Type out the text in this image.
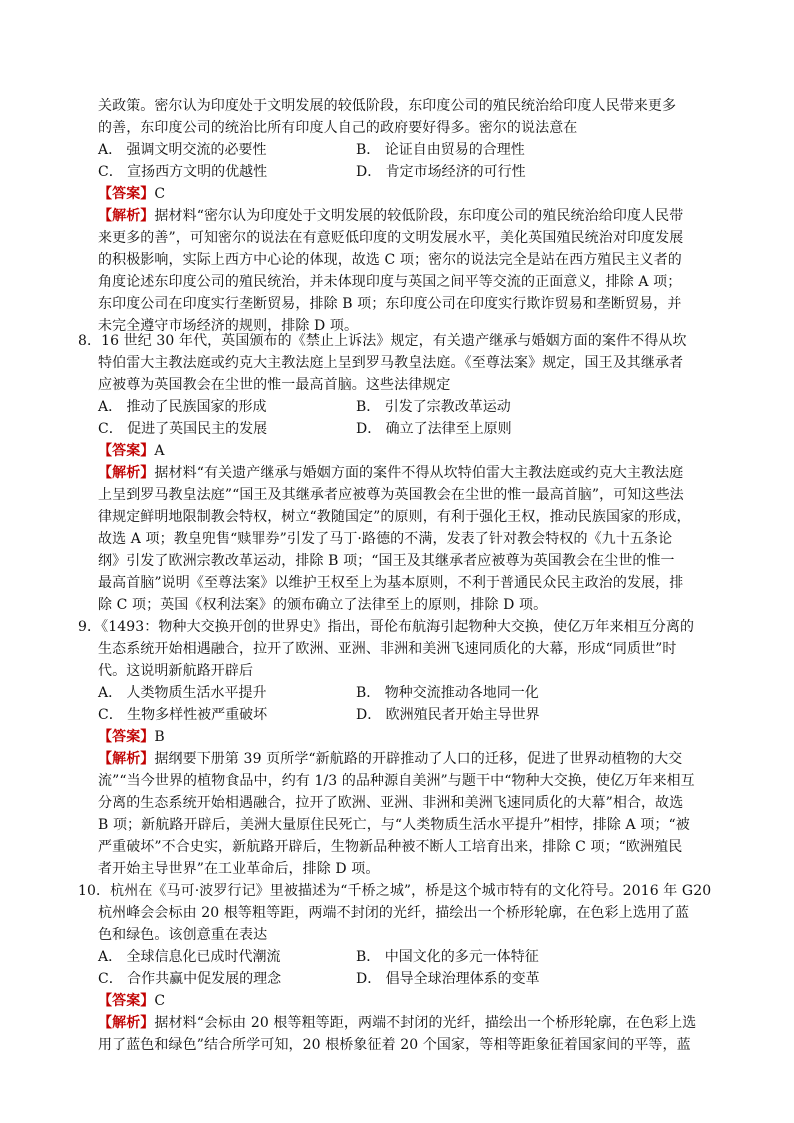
关政策。密尔认为印度处于文明发展的较低阶段，东印度公司的殖民统治给印度人民带来更多
的善，东印度公司的统治比所有印度人自己的政府要好得多。密尔的说法意在
A． 强调文明交流的必要性	B． 论证自由贸易的合理性
C． 宣扬西方文明的优越性	D． 肯定市场经济的可行性
【答案】C
【解析】据材料“密尔认为印度处于文明发展的较低阶段，东印度公司的殖民统治给印度人民带
来更多的善”，可知密尔的说法在有意贬低印度的文明发展水平，美化英国殖民统治对印度发展
的积极影响，实际上西方中心论的体现，故选 C 项；密尔的说法完全是站在西方殖民主义者的
角度论述东印度公司的殖民统治，并未体现印度与英国之间平等交流的正面意义，排除 A 项；
东印度公司在印度实行垄断贸易，排除 B 项；东印度公司在印度实行欺诈贸易和垄断贸易，并
未完全遵守市场经济的规则，排除 D 项。
8．16 世纪 30 年代，英国颁布的《禁止上诉法》规定，有关遗产继承与婚姻方面的案件不得从坎
特伯雷大主教法庭或约克大主教法庭上呈到罗马教皇法庭。《至尊法案》规定，国王及其继承者
应被尊为英国教会在尘世的惟一最高首脑。这些法律规定
A． 推动了民族国家的形成	B． 引发了宗教改革运动
C． 促进了英国民主的发展	D． 确立了法律至上原则
【答案】A
【解析】据材料“有关遗产继承与婚姻方面的案件不得从坎特伯雷大主教法庭或约克大主教法庭
上呈到罗马教皇法庭”“国王及其继承者应被尊为英国教会在尘世的惟一最高首脑”，可知这些法
律规定鲜明地限制教会特权，树立“教随国定”的原则，有利于强化王权，推动民族国家的形成，
故选 A 项；教皇兜售“赎罪券”引发了马丁·路德的不满，发表了针对教会特权的《九十五条论
纲》引发了欧洲宗教改革运动，排除 B 项；“国王及其继承者应被尊为英国教会在尘世的惟一
最高首脑”说明《至尊法案》以维护王权至上为基本原则，不利于普通民众民主政治的发展，排
除 C 项；英国《权利法案》的颁布确立了法律至上的原则，排除 D 项。
9．《1493：物种大交换开创的世界史》指出，哥伦布航海引起物种大交换，使亿万年来相互分离的
生态系统开始相遇融合，拉开了欧洲、亚洲、非洲和美洲飞速同质化的大幕，形成“同质世”时
代。这说明新航路开辟后
A． 人类物质生活水平提升	B． 物种交流推动各地同一化
C． 生物多样性被严重破坏	D． 欧洲殖民者开始主导世界
【答案】B
【解析】据纲要下册第 39 页所学“新航路的开辟推动了人口的迁移，促进了世界动植物的大交
流”“当今世界的植物食品中，约有 1/3 的品种源自美洲”与题干中“物种大交换，使亿万年来相互
分离的生态系统开始相遇融合，拉开了欧洲、亚洲、非洲和美洲飞速同质化的大幕”相合，故选
B 项；新航路开辟后，美洲大量原住民死亡，与“人类物质生活水平提升”相悖，排除 A 项；“被
严重破坏”不合史实，新航路开辟后，生物新品种被不断人工培育出来，排除 C 项；“欧洲殖民
者开始主导世界”在工业革命后，排除 D 项。
10．杭州在《马可·波罗行记》里被描述为“千桥之城”，桥是这个城市特有的文化符号。2016 年 G20
杭州峰会会标由 20 根等粗等距，两端不封闭的光纤，描绘出一个桥形轮廓，在色彩上选用了蓝
色和绿色。该创意重在表达
A． 全球信息化已成时代潮流	B． 中国文化的多元一体特征
C． 合作共赢中促发展的理念	D． 倡导全球治理体系的变革
【答案】C
【解析】据材料“会标由 20 根等粗等距，两端不封闭的光纤，描绘出一个桥形轮廓，在色彩上选
用了蓝色和绿色”结合所学可知，20 根桥象征着 20 个国家，等相等距象征着国家间的平等，蓝
